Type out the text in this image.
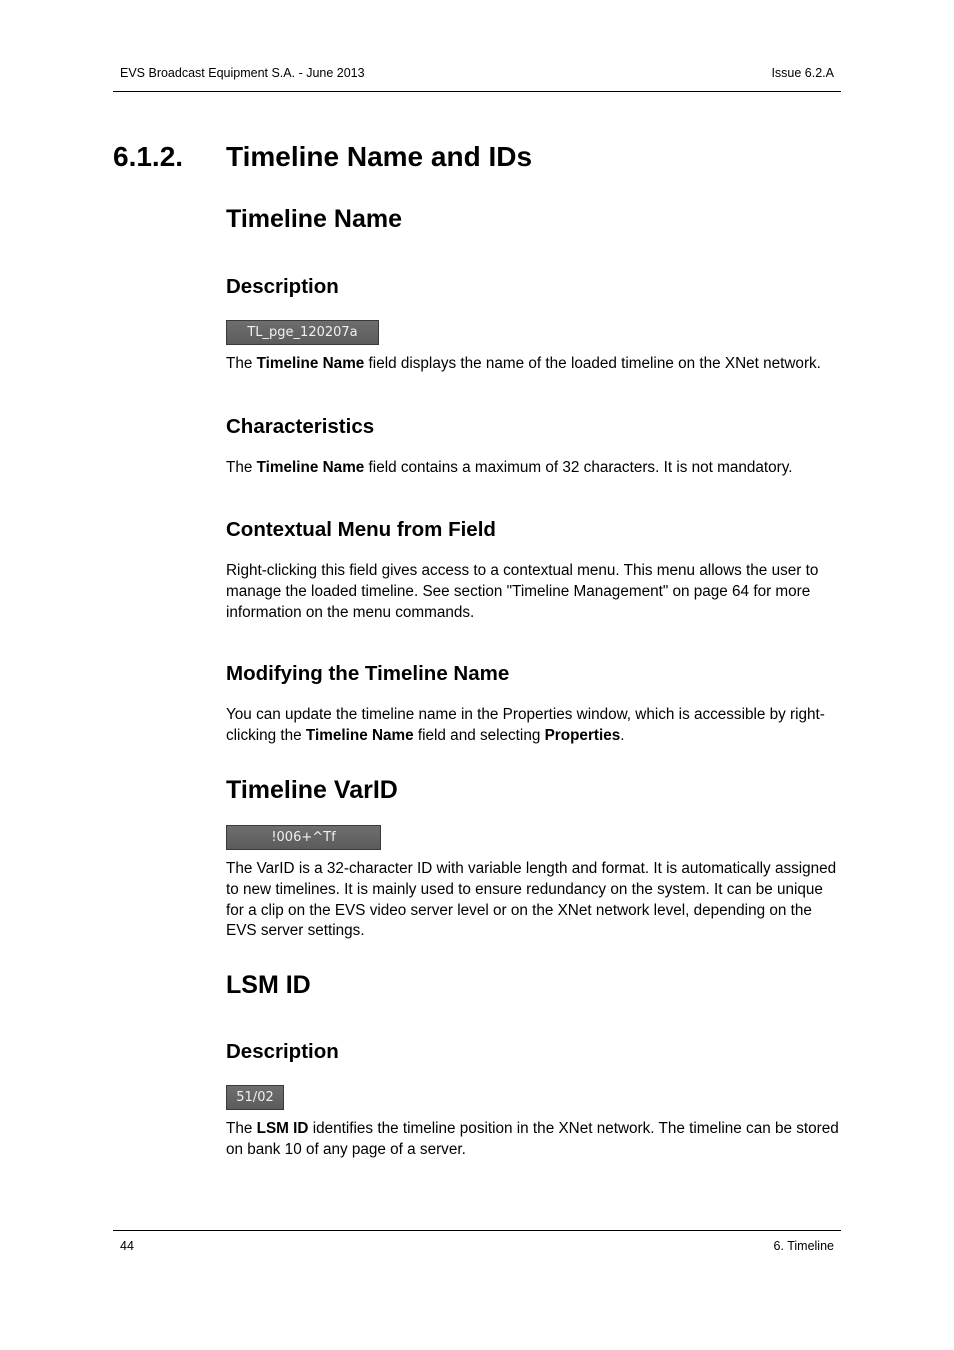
EVS Broadcast Equipment S.A. - June 2013	Issue 6.2.A
6.1.2. Timeline Name and IDs
Timeline Name
Description
TL_pge_120207a

The Timeline Name field displays the name of the loaded timeline on the XNet network.

Characteristics

The Timeline Name field contains a maximum of 32 characters. It is not mandatory.

Contextual Menu from Field

Right-clicking this field gives access to a contextual menu. This menu allows the user to manage the loaded timeline. See section "Timeline Management" on page 64 for more information on the menu commands.

Modifying the Timeline Name

You can update the timeline name in the Properties window, which is accessible by right-clicking the Timeline Name field and selecting Properties.

Timeline VarID
!006+^Tf

The VarID is a 32-character ID with variable length and format. It is automatically assigned to new timelines. It is mainly used to ensure redundancy on the system. It can be unique for a clip on the EVS video server level or on the XNet network level, depending on the EVS server settings.

LSM ID
Description
51/02

The LSM ID identifies the timeline position in the XNet network. The timeline can be stored on bank 10 of any page of a server.

44	6. Timeline
